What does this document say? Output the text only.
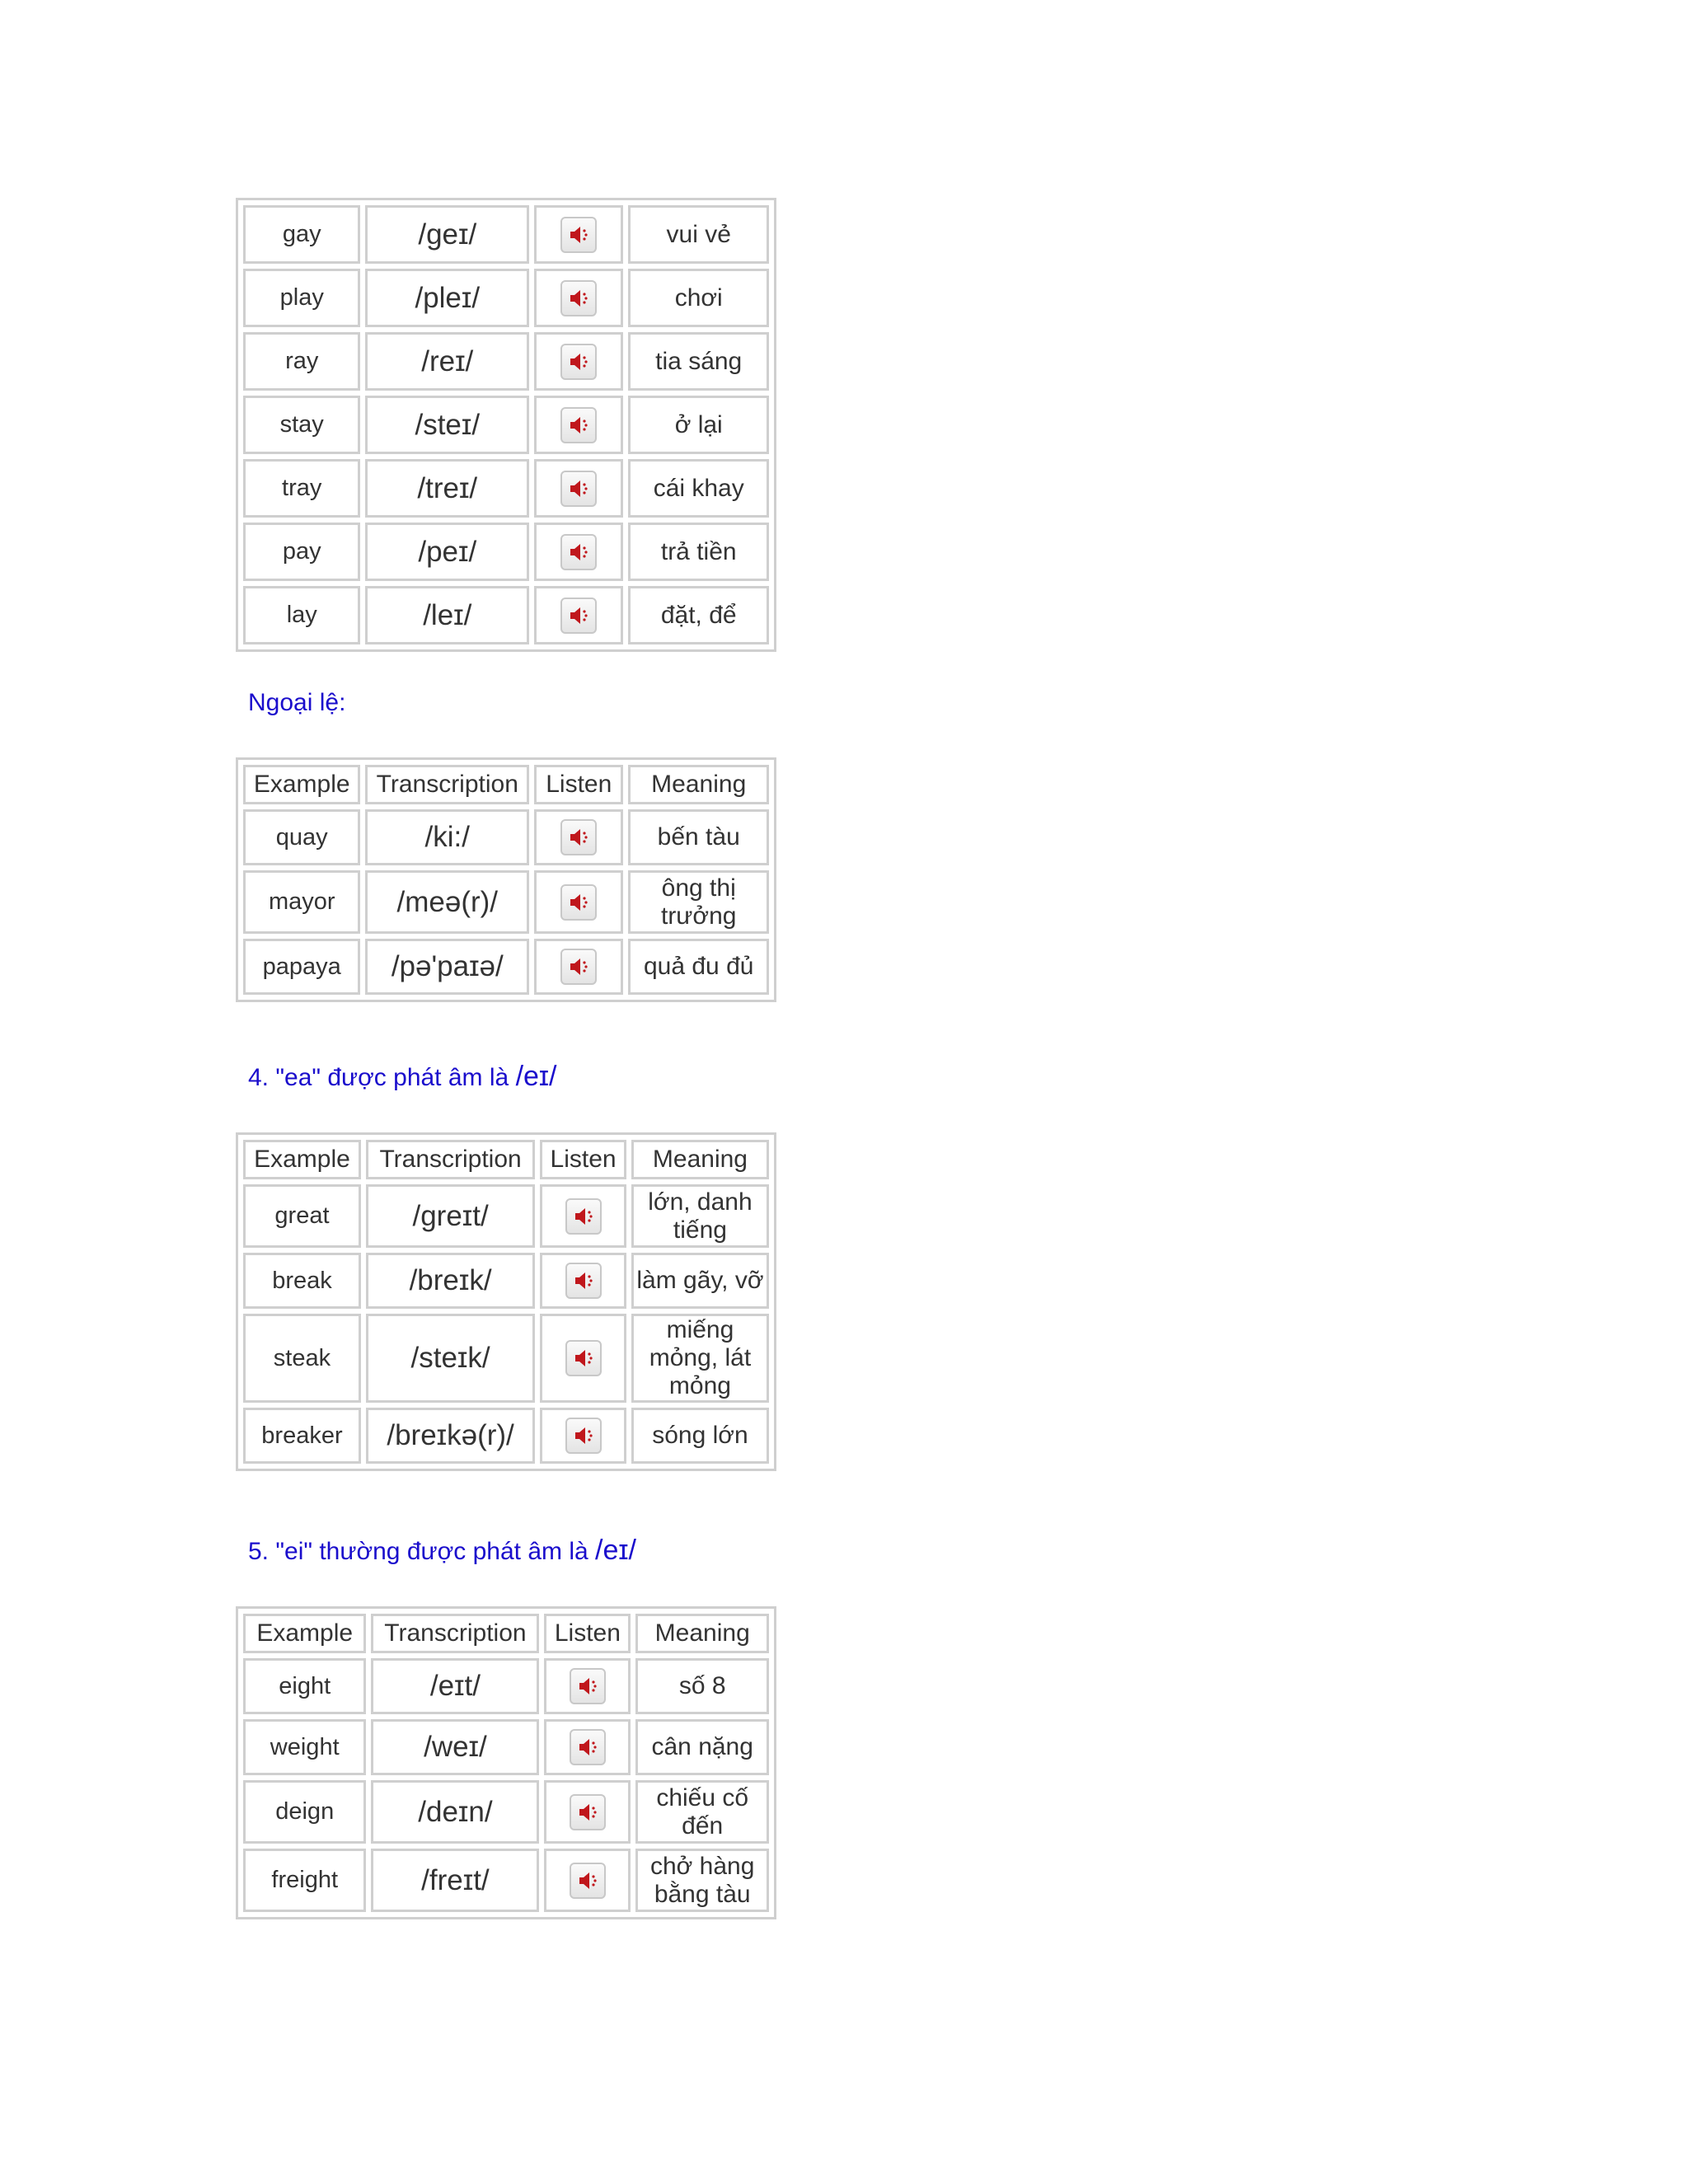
gay	/geɪ/		vui vẻ
play	/pleɪ/		chơi
ray	/reɪ/		tia sáng
stay	/steɪ/		ở lại
tray	/treɪ/		cái khay
pay	/peɪ/		trả tiền
lay	/leɪ/		đặt, để

Ngoại lệ:

Example	Transcription	Listen	Meaning
quay	/ki:/		bến tàu
mayor	/meə(r)/		ông thị trưởng
papaya	/pə'paɪə/		quả đu đủ

4. "ea" được phát âm là /eɪ/

Example	Transcription	Listen	Meaning
great	/greɪt/		lớn, danh tiếng
break	/breɪk/		làm gãy, vỡ
steak	/steɪk/		miếng mỏng, lát mỏng
breaker	/breɪkə(r)/		sóng lớn

5. "ei" thường được phát âm là /eɪ/

Example	Transcription	Listen	Meaning
eight	/eɪt/		số 8
weight	/weɪ/		cân nặng
deign	/deɪn/		chiếu cố đến
freight	/freɪt/		chở hàng bằng tàu
